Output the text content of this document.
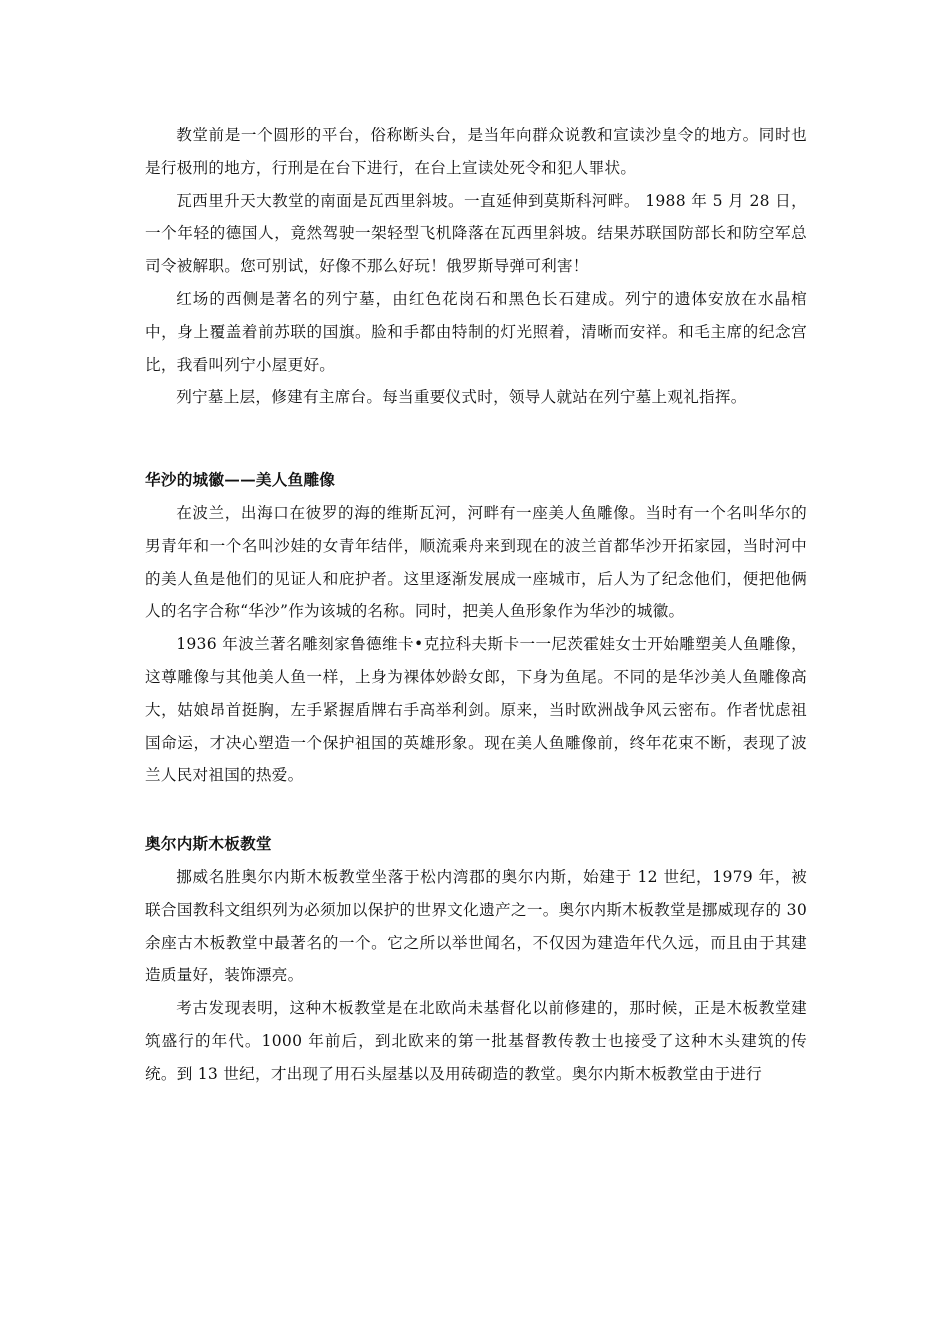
教堂前是一个圆形的平台，俗称断头台，是当年向群众说教和宣读沙皇令的地方。同时也是行极刑的地方，行刑是在台下进行，在台上宣读处死令和犯人罪状。

瓦西里升天大教堂的南面是瓦西里斜坡。一直延伸到莫斯科河畔。 1988 年 5 月 28 日，一个年轻的德国人，竟然驾驶一架轻型飞机降落在瓦西里斜坡。结果苏联国防部长和防空军总司令被解职。您可别试，好像不那么好玩！俄罗斯导弹可利害！

红场的西侧是著名的列宁墓，由红色花岗石和黑色长石建成。列宁的遗体安放在水晶棺中，身上覆盖着前苏联的国旗。脸和手都由特制的灯光照着，清晰而安祥。和毛主席的纪念宫比，我看叫列宁小屋更好。

列宁墓上层，修建有主席台。每当重要仪式时，领导人就站在列宁墓上观礼指挥。

华沙的城徽——美人鱼雕像

在波兰，出海口在彼罗的海的维斯瓦河，河畔有一座美人鱼雕像。当时有一个名叫华尔的男青年和一个名叫沙娃的女青年结伴，顺流乘舟来到现在的波兰首都华沙开拓家园，当时河中的美人鱼是他们的见证人和庇护者。这里逐渐发展成一座城市，后人为了纪念他们，便把他俩人的名字合称“华沙”作为该城的名称。同时，把美人鱼形象作为华沙的城徽。

1936 年波兰著名雕刻家鲁德维卡•克拉科夫斯卡一一尼茨霍娃女士开始雕塑美人鱼雕像，这尊雕像与其他美人鱼一样，上身为裸体妙龄女郎，下身为鱼尾。不同的是华沙美人鱼雕像高大，姑娘昂首挺胸，左手紧握盾牌右手高举利剑。原来，当时欧洲战争风云密布。作者忧虑祖国命运，才决心塑造一个保护祖国的英雄形象。现在美人鱼雕像前，终年花束不断，表现了波兰人民对祖国的热爱。

奥尔内斯木板教堂

挪威名胜奥尔内斯木板教堂坐落于松内湾郡的奥尔内斯，始建于 12 世纪，1979 年，被联合国教科文组织列为必须加以保护的世界文化遗产之一。奥尔内斯木板教堂是挪威现存的 30 余座古木板教堂中最著名的一个。它之所以举世闻名，不仅因为建造年代久远，而且由于其建造质量好，装饰漂亮。

考古发现表明，这种木板教堂是在北欧尚未基督化以前修建的，那时候，正是木板教堂建筑盛行的年代。1000 年前后，到北欧来的第一批基督教传教士也接受了这种木头建筑的传统。到 13 世纪，才出现了用石头屋基以及用砖砌造的教堂。奥尔内斯木板教堂由于进行
